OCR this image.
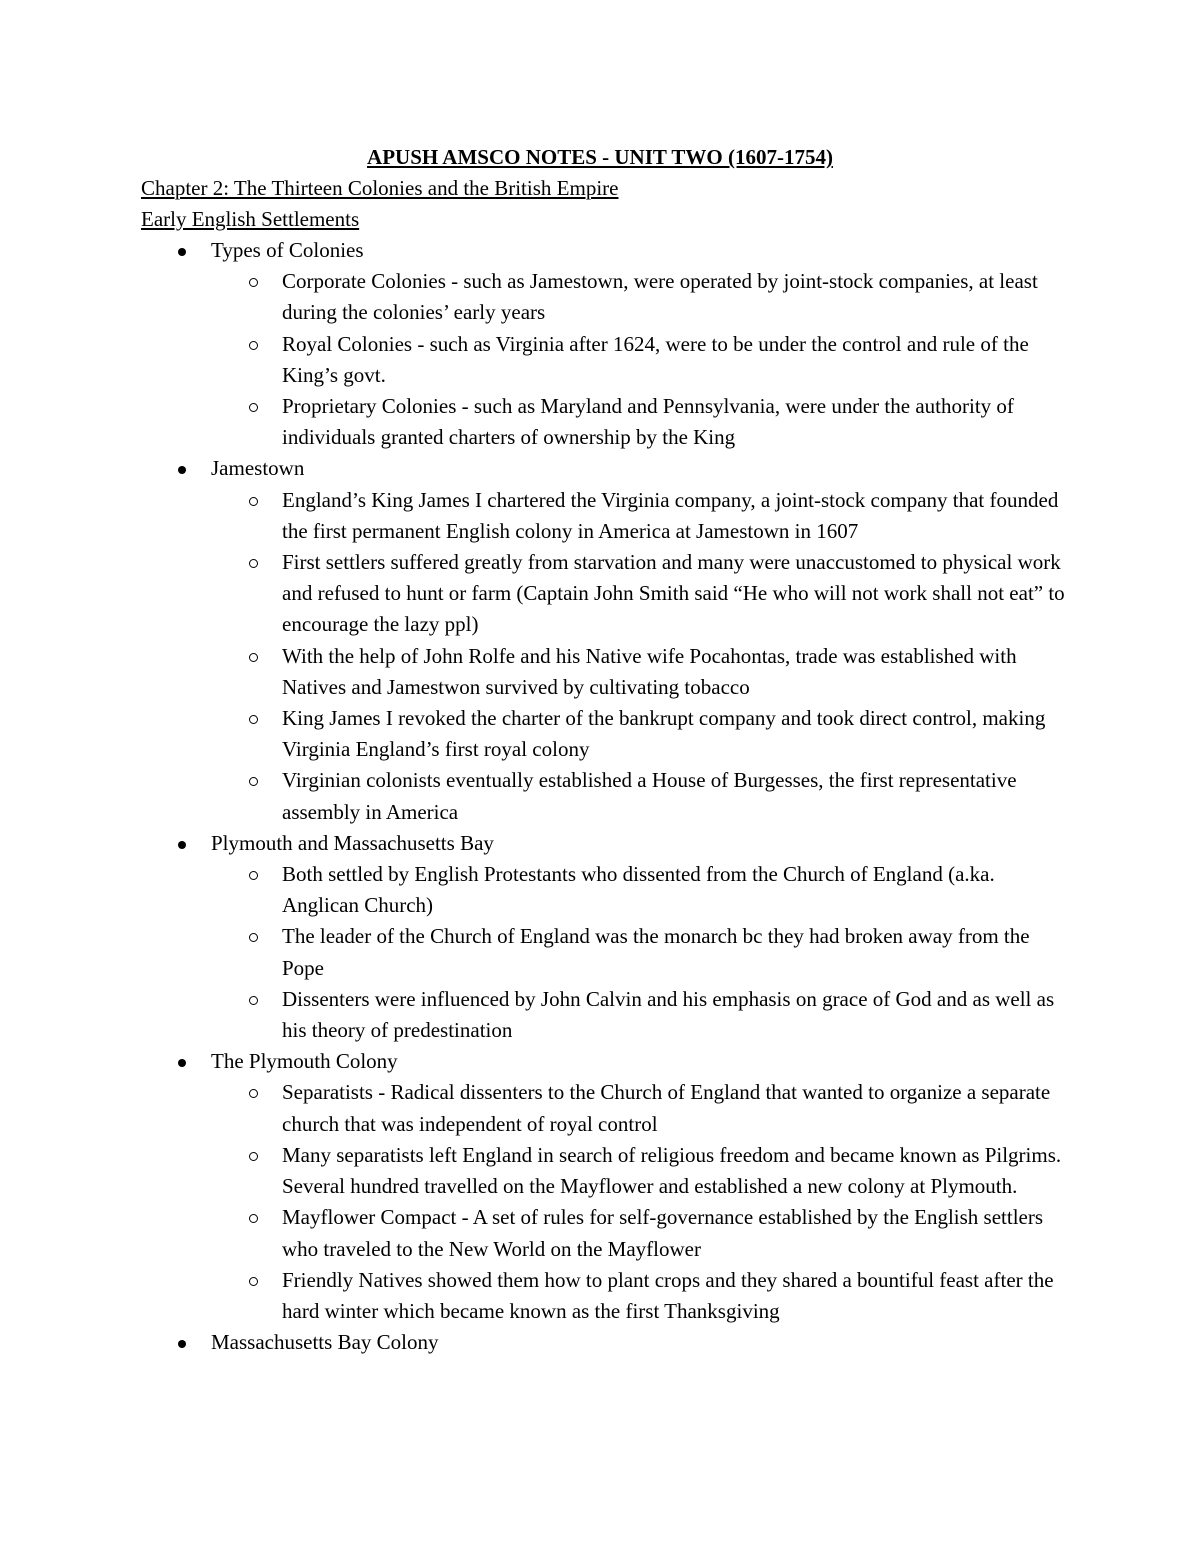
APUSH AMSCO NOTES - UNIT TWO (1607-1754)
Chapter 2: The Thirteen Colonies and the British Empire
Early English Settlements
Types of Colonies
Corporate Colonies - such as Jamestown, were operated by joint-stock companies, at least during the colonies’ early years
Royal Colonies - such as Virginia after 1624, were to be under the control and rule of the King’s govt.
Proprietary Colonies - such as Maryland and Pennsylvania, were under the authority of individuals granted charters of ownership by the King
Jamestown
England’s King James I chartered the Virginia company, a joint-stock company that founded the first permanent English colony in America at Jamestown in 1607
First settlers suffered greatly from starvation and many were unaccustomed to physical work and refused to hunt or farm (Captain John Smith said “He who will not work shall not eat” to encourage the lazy ppl)
With the help of John Rolfe and his Native wife Pocahontas, trade was established with Natives and Jamestwon survived by cultivating tobacco
King James I revoked the charter of the bankrupt company and took direct control, making Virginia England’s first royal colony
Virginian colonists eventually established a House of Burgesses, the first representative assembly in America
Plymouth and Massachusetts Bay
Both settled by English Protestants who dissented from the Church of England (a.ka. Anglican Church)
The leader of the Church of England was the monarch bc they had broken away from the Pope
Dissenters were influenced by John Calvin and his emphasis on grace of God and as well as his theory of predestination
The Plymouth Colony
Separatists - Radical dissenters to the Church of England that wanted to organize a separate church that was independent of royal control
Many separatists left England in search of religious freedom and became known as Pilgrims. Several hundred travelled on the Mayflower and established a new colony at Plymouth.
Mayflower Compact - A set of rules for self-governance established by the English settlers who traveled to the New World on the Mayflower
Friendly Natives showed them how to plant crops and they shared a bountiful feast after the hard winter which became known as the first Thanksgiving
Massachusetts Bay Colony
